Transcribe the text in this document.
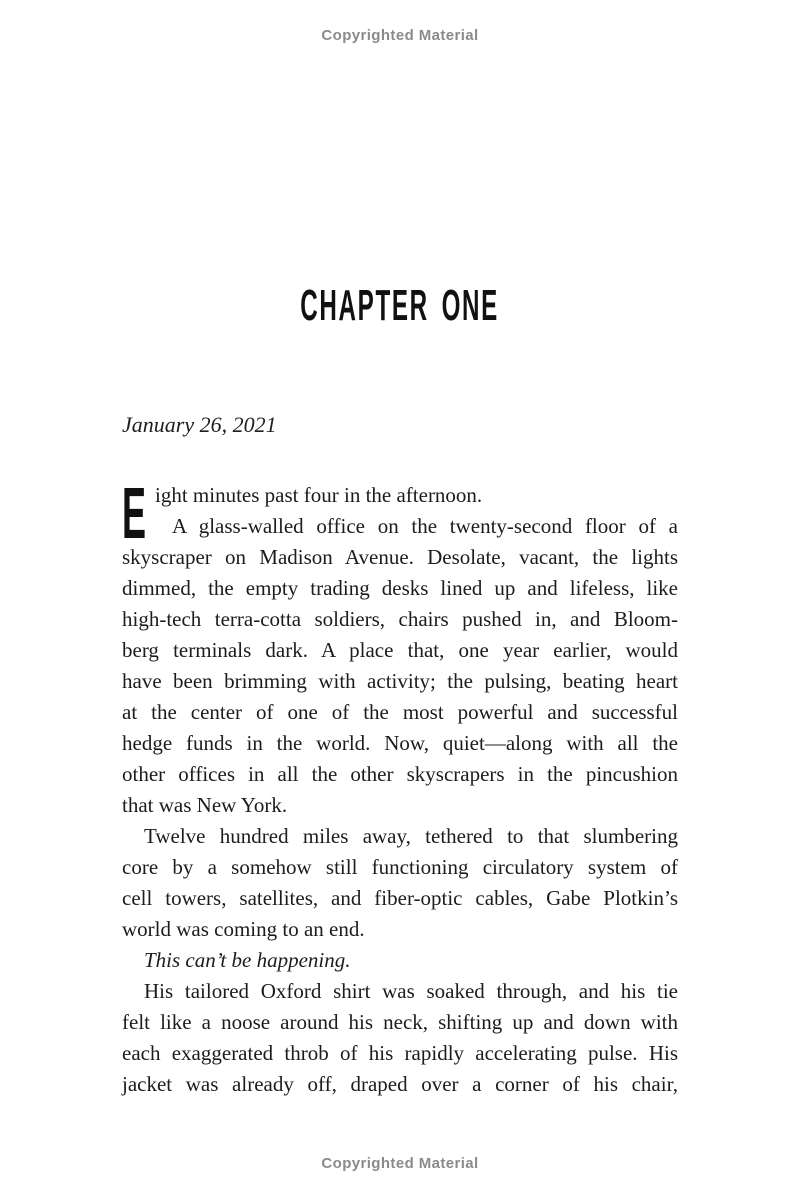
Copyrighted Material
CHAPTER ONE
January 26, 2021
E ight minutes past four in the afternoon.
A glass-walled office on the twenty-second floor of a
skyscraper on Madison Avenue. Desolate, vacant, the lights
dimmed, the empty trading desks lined up and lifeless, like
high-tech terra-cotta soldiers, chairs pushed in, and Bloom-
berg terminals dark. A place that, one year earlier, would
have been brimming with activity; the pulsing, beating heart
at the center of one of the most powerful and successful
hedge funds in the world. Now, quiet—along with all the
other offices in all the other skyscrapers in the pincushion
that was New York.
Twelve hundred miles away, tethered to that slumbering
core by a somehow still functioning circulatory system of
cell towers, satellites, and fiber-optic cables, Gabe Plotkin’s
world was coming to an end.
This can’t be happening.
His tailored Oxford shirt was soaked through, and his tie
felt like a noose around his neck, shifting up and down with
each exaggerated throb of his rapidly accelerating pulse. His
jacket was already off, draped over a corner of his chair,
Copyrighted Material
